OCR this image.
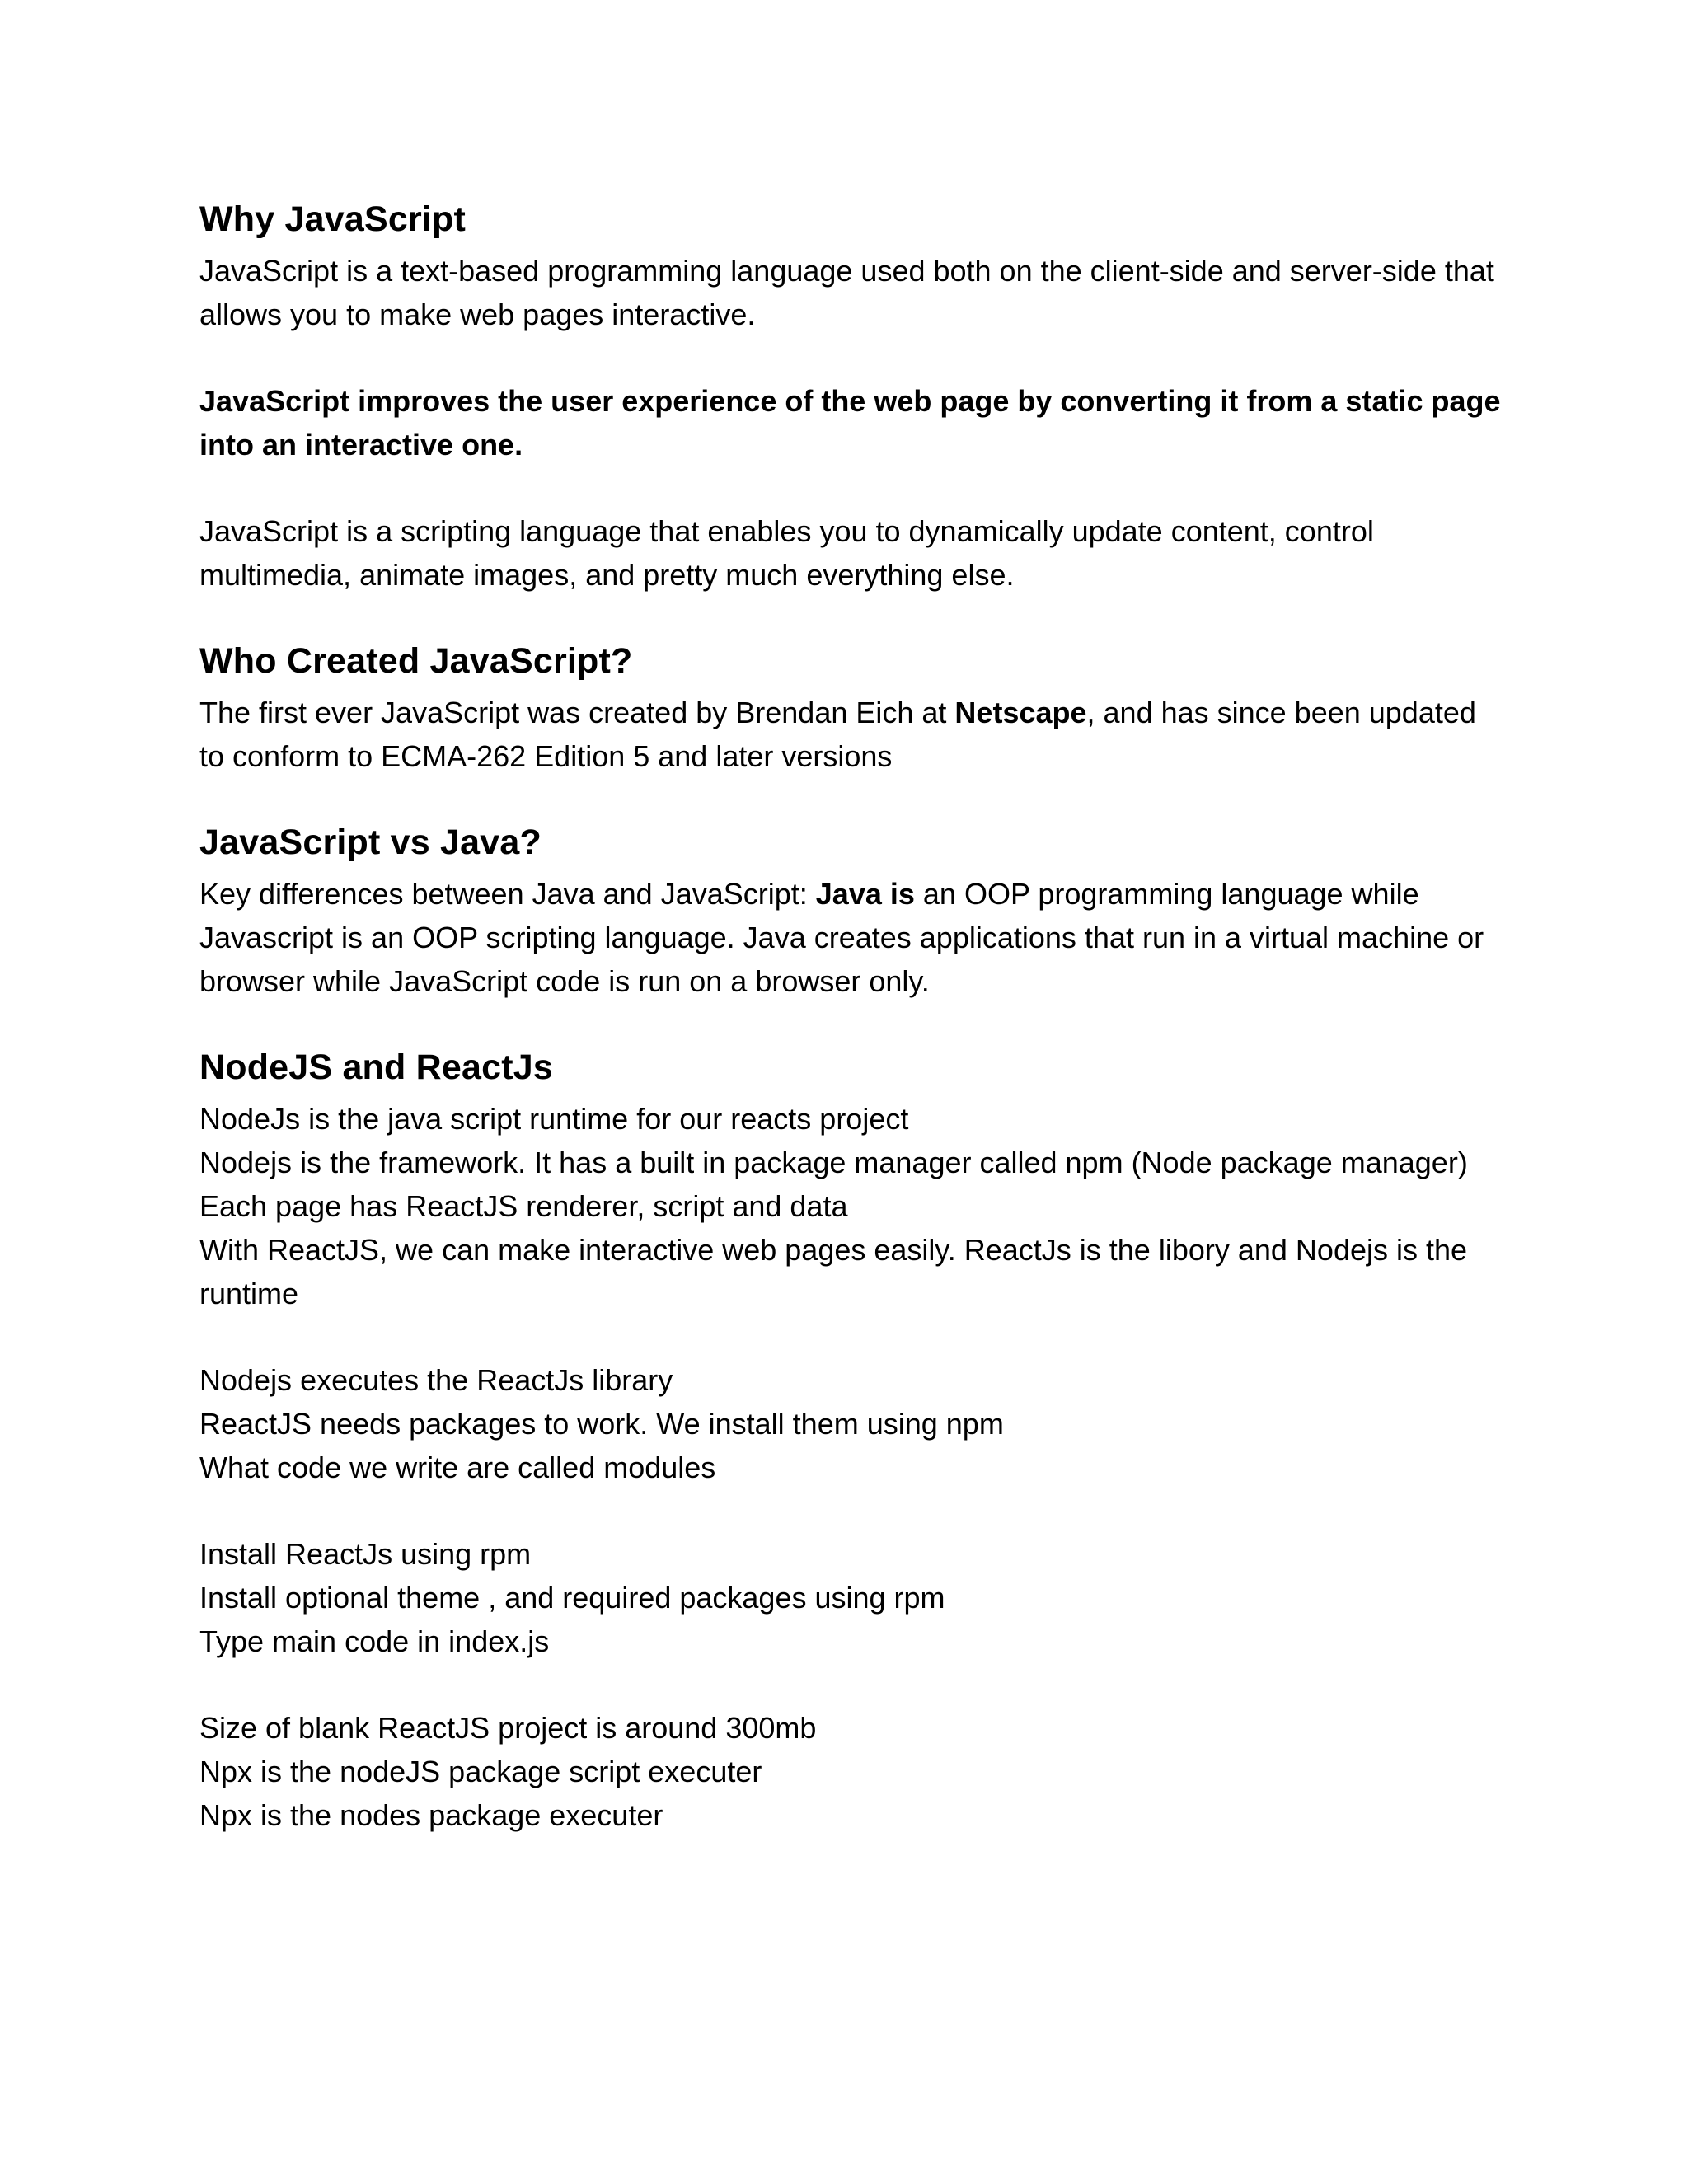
Why JavaScript

JavaScript is a text-based programming language used both on the client-side and server-side that allows you to make web pages interactive.

JavaScript improves the user experience of the web page by converting it from a static page into an interactive one.

JavaScript is a scripting language that enables you to dynamically update content, control multimedia, animate images, and pretty much everything else.

Who Created JavaScript?

The first ever JavaScript was created by Brendan Eich at Netscape, and has since been updated to conform to ECMA-262 Edition 5 and later versions

JavaScript vs Java?

Key differences between Java and JavaScript: Java is an OOP programming language while Javascript is an OOP scripting language. Java creates applications that run in a virtual machine or browser while JavaScript code is run on a browser only.

NodeJS and ReactJs

NodeJs is the java script runtime for our reacts project

Nodejs is the framework. It has a built in package manager called npm (Node package manager)

Each page has ReactJS renderer, script and data

With ReactJS, we can make interactive web pages easily. ReactJs is the libory and Nodejs is the runtime

Nodejs executes the ReactJs library

ReactJS needs packages to work. We install them using npm

What code we write are called modules

Install ReactJs using rpm

Install optional theme , and required packages using rpm

Type main code in index.js

Size of blank ReactJS project is around 300mb

Npx is the nodeJS package script executer

Npx is the nodes package executer
